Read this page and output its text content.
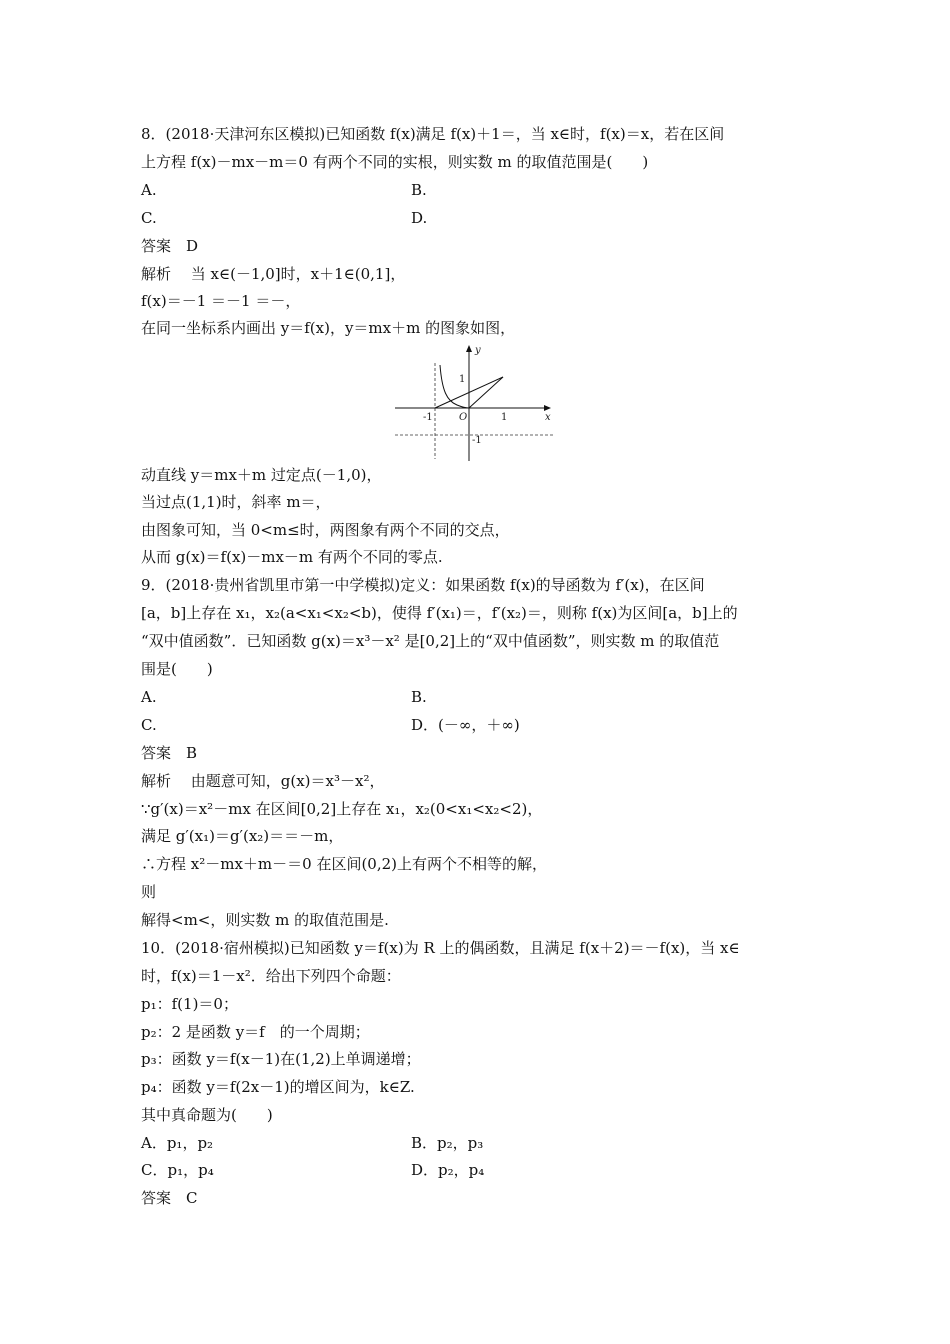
8．(2018·天津河东区模拟)已知函数 f(x)满足 f(x)＋1＝，当 x∈时，f(x)＝x，若在区间
上方程 f(x)－mx－m＝0 有两个不同的实根，则实数 m 的取值范围是(　　)
A.
C.
答案　D
解析　 当 x∈(－1,0]时，x＋1∈(0,1]，
f(x)＝－1 ＝－1 ＝－，
在同一坐标系内画出 y＝f(x)，y＝mx＋m 的图象如图，
动直线 y＝mx＋m 过定点(－1,0)，
当过点(1,1)时，斜率 m＝，
由图象可知，当 0<m≤时，两图象有两个不同的交点，
从而 g(x)＝f(x)－mx－m 有两个不同的零点.
9．(2018·贵州省凯里市第一中学模拟)定义：如果函数 f(x)的导函数为 f′(x)，在区间
[a，b]上存在 x₁，x₂(a<x₁<x₂<b)，使得 f′(x₁)＝，f′(x₂)＝，则称 f(x)为区间[a，b]上的
“双中值函数”．已知函数 g(x)＝x³－x² 是[0,2]上的“双中值函数”，则实数 m 的取值范
围是(　　)
A.
C.
答案　B
解析　 由题意可知，g(x)＝x³－x²，
∵g′(x)＝x²－mx 在区间[0,2]上存在 x₁，x₂(0<x₁<x₂<2)，
满足 g′(x₁)＝g′(x₂)＝＝－m，
∴方程 x²－mx＋m－＝0 在区间(0,2)上有两个不相等的解，
则
解得<m<，则实数 m 的取值范围是.
10．(2018·宿州模拟)已知函数 y＝f(x)为 R 上的偶函数，且满足 f(x＋2)＝－f(x)，当 x∈
时，f(x)＝1－x²．给出下列四个命题：
p₁：f(1)＝0；
p₂：2 是函数 y＝f　的一个周期；
p₃：函数 y＝f(x－1)在(1,2)上单调递增；
p₄：函数 y＝f(2x－1)的增区间为，k∈Z.
其中真命题为(　　)
A．p₁，p₂
C．p₁，p₄
答案　C
B.
D.
B.
D．(－∞，＋∞)
B．p₂，p₃
D．p₂，p₄
y
x
1
-1	O	1
-1
